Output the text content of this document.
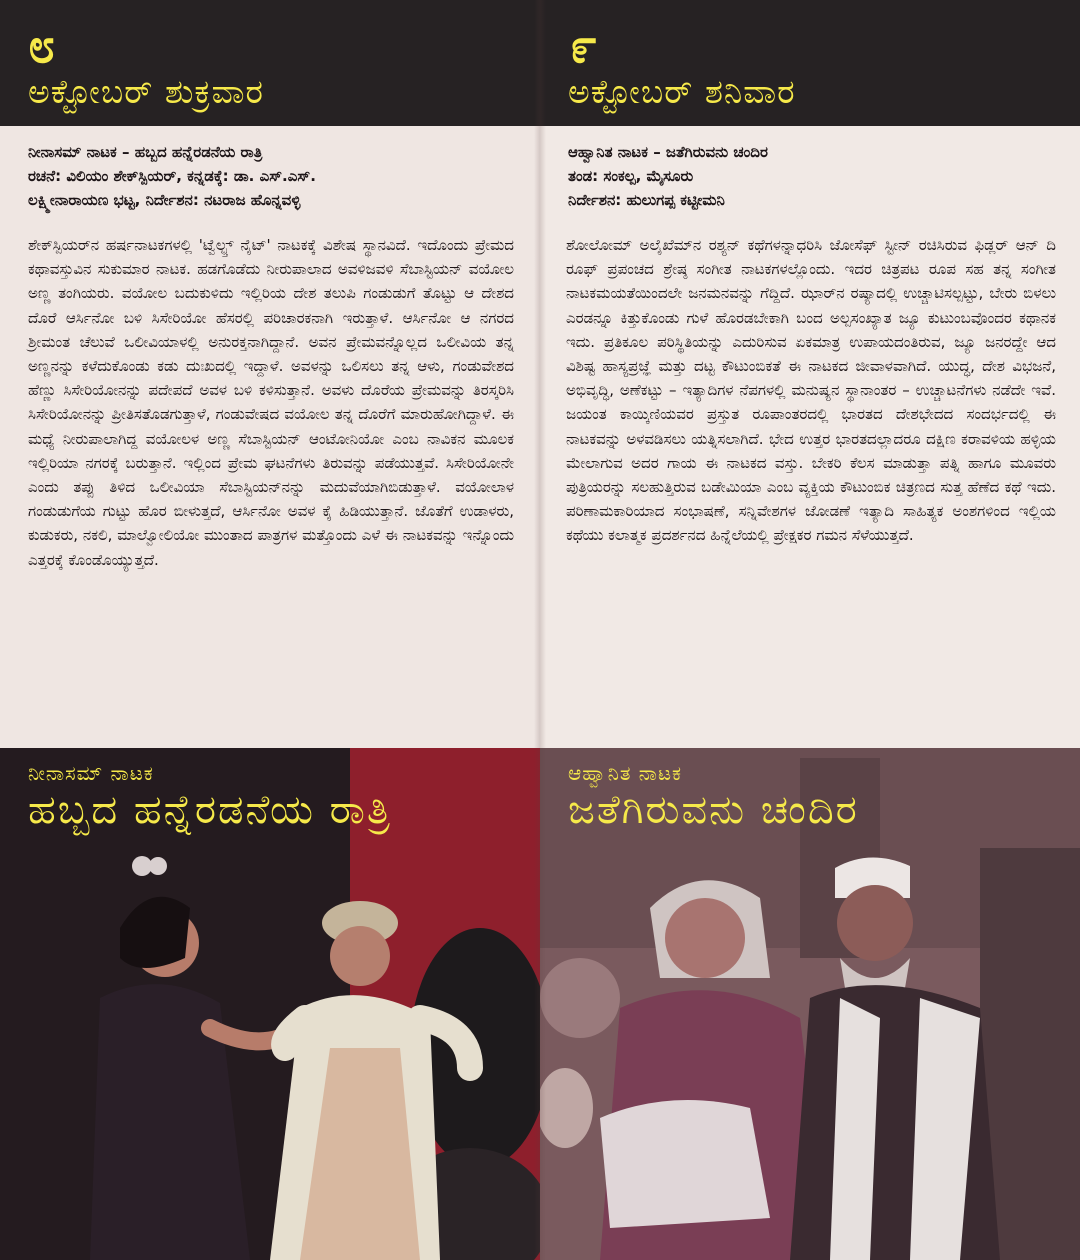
೮
ಅಕ್ಟೋಬರ್ ಶುಕ್ರವಾರ
ನೀನಾಸಮ್ ನಾಟಕ – ಹಬ್ಬದ ಹನ್ನೆರಡನೆಯ ರಾತ್ರಿ
ರಚನೆ: ವಿಲಿಯಂ ಶೇಕ್‌ಸ್ಪಿಯರ್, ಕನ್ನಡಕ್ಕೆ: ಡಾ. ಎಸ್.ಎಸ್.
ಲಕ್ಷ್ಮೀನಾರಾಯಣ ಭಟ್ಟ, ನಿರ್ದೇಶನ: ನಟರಾಜ ಹೊನ್ನವಳ್ಳಿ
ಶೇಕ್‌ಸ್ಪಿಯರ್‌ನ ಹರ್ಷನಾಟಕಗಳಲ್ಲಿ 'ಟ್ವೆಲ್ಫ್ತ್ ನೈಟ್' ನಾಟಕಕ್ಕೆ ವಿಶೇಷ ಸ್ಥಾನವಿದೆ. ಇದೊಂದು ಪ್ರೇಮದ ಕಥಾವಸ್ತುವಿನ ಸುಕುಮಾರ ನಾಟಕ. ಹಡಗೊಡೆದು ನೀರುಪಾಲಾದ ಅವಳಿಜವಳಿ ಸೆಬಾಸ್ಟಿಯನ್ ವಯೋಲ ಅಣ್ಣ ತಂಗಿಯರು. ವಯೋಲ ಬದುಕುಳಿದು ಇಲ್ಲಿರಿಯ ದೇಶ ತಲುಪಿ ಗಂಡುಡುಗೆ ತೊಟ್ಟು ಆ ದೇಶದ ದೊರೆ ಆರ್ಸಿನೋ ಬಳಿ ಸಿಸೇರಿಯೋ ಹೆಸರಲ್ಲಿ ಪರಿಚಾರಕನಾಗಿ ಇರುತ್ತಾಳೆ. ಆರ್ಸಿನೋ ಆ ನಗರದ ಶ್ರೀಮಂತ ಚೆಲುವೆ ಒಲೀವಿಯಾಳಲ್ಲಿ ಅನುರಕ್ತನಾಗಿದ್ದಾನೆ. ಅವನ ಪ್ರೇಮವನ್ನೊಲ್ಲದ ಒಲೀವಿಯ ತನ್ನ ಅಣ್ಣನನ್ನು ಕಳೆದುಕೊಂಡು ಕಡು ದುಃಖದಲ್ಲಿ ಇದ್ದಾಳೆ. ಅವಳನ್ನು ಒಲಿಸಲು ತನ್ನ ಆಳು, ಗಂಡುವೇಶದ ಹೆಣ್ಣು ಸಿಸೇರಿಯೋನನ್ನು ಪದೇಪದೆ ಅವಳ ಬಳಿ ಕಳಿಸುತ್ತಾನೆ. ಅವಳು ದೊರೆಯ ಪ್ರೇಮವನ್ನು ತಿರಸ್ಕರಿಸಿ ಸಿಸೇರಿಯೋನನ್ನು ಪ್ರೀತಿಸತೊಡಗುತ್ತಾಳೆ, ಗಂಡುವೇಷದ ವಯೋಲ ತನ್ನ ದೊರೆಗೆ ಮಾರುಹೋಗಿದ್ದಾಳೆ. ಈ ಮಧ್ಯೆ ನೀರುಪಾಲಾಗಿದ್ದ ವಯೋಲಳ ಅಣ್ಣ ಸೆಬಾಸ್ಟಿಯನ್ ಆಂಟೋನಿಯೋ ಎಂಬ ನಾವಿಕನ ಮೂಲಕ ಇಲ್ಲಿರಿಯಾ ನಗರಕ್ಕೆ ಬರುತ್ತಾನೆ. ಇಲ್ಲಿಂದ ಪ್ರೇಮ ಘಟನೆಗಳು ತಿರುವನ್ನು ಪಡೆಯುತ್ತವೆ. ಸಿಸೇರಿಯೋನೇ ಎಂದು ತಪ್ಪು ತಿಳಿದ ಒಲೀವಿಯಾ ಸೆಬಾಸ್ಟಿಯನ್‌ನನ್ನು ಮದುವೆಯಾಗಿಬಿಡುತ್ತಾಳೆ. ವಯೋಲಾಳ ಗಂಡುಡುಗೆಯ ಗುಟ್ಟು ಹೊರ ಬೀಳುತ್ತದೆ, ಆರ್ಸಿನೋ ಅವಳ ಕೈ ಹಿಡಿಯುತ್ತಾನೆ. ಜೊತೆಗೆ ಉಡಾಳರು, ಕುಡುಕರು, ನಕಲಿ, ಮಾಲ್ವೋಲಿಯೋ ಮುಂತಾದ ಪಾತ್ರಗಳ ಮತ್ತೊಂದು ಎಳೆ ಈ ನಾಟಕವನ್ನು ಇನ್ನೊಂದು ಎತ್ತರಕ್ಕೆ ಕೊಂಡೊಯ್ಯುತ್ತದೆ.
ನೀನಾಸಮ್ ನಾಟಕ
ಹಬ್ಬದ ಹನ್ನೆರಡನೆಯ ರಾತ್ರಿ
೯
ಅಕ್ಟೋಬರ್ ಶನಿವಾರ
ಆಹ್ವಾನಿತ ನಾಟಕ – ಜತೆಗಿರುವನು ಚಂದಿರ
ತಂಡ: ಸಂಕಲ್ಪ, ಮೈಸೂರು
ನಿರ್ದೇಶನ: ಹುಲುಗಪ್ಪ ಕಟ್ಟೀಮನಿ
ಶೋಲೋಮ್ ಅಲೈಖೆಮ್‌ನ ರಶ್ಯನ್ ಕಥೆಗಳನ್ನಾಧರಿಸಿ ಜೋಸೆಫ್ ಸ್ಟೀನ್ ರಚಿಸಿರುವ ಫಿಡ್ಲರ್ ಆನ್ ದಿ ರೂಫ್ ಪ್ರಪಂಚದ ಶ್ರೇಷ್ಠ ಸಂಗೀತ ನಾಟಕಗಳಲ್ಲೊಂದು. ಇದರ ಚಿತ್ರಪಟ ರೂಪ ಸಹ ತನ್ನ ಸಂಗೀತ ನಾಟಕಮಯತೆಯಿಂದಲೇ ಜನಮನವನ್ನು ಗೆದ್ದಿದೆ. ಝಾರ್‌ನ ರಷ್ಯಾದಲ್ಲಿ ಉಚ್ಚಾಟಿಸಲ್ಪಟ್ಟು, ಬೇರು ಬಿಳಲು ಎರಡನ್ನೂ ಕಿತ್ತುಕೊಂಡು ಗುಳೆ ಹೊರಡಬೇಕಾಗಿ ಬಂದ ಅಲ್ಪಸಂಖ್ಯಾತ ಜ್ಯೂ ಕುಟುಂಬವೊಂದರ ಕಥಾನಕ ಇದು. ಪ್ರತಿಕೂಲ ಪರಿಸ್ಥಿತಿಯನ್ನು ಎದುರಿಸುವ ಏಕಮಾತ್ರ ಉಪಾಯದಂತಿರುವ, ಜ್ಯೂ ಜನರದ್ದೇ ಆದ ವಿಶಿಷ್ಟ ಹಾಸ್ಯಪ್ರಜ್ಞೆ ಮತ್ತು ದಟ್ಟ ಕೌಟುಂಬಿಕತೆ ಈ ನಾಟಕದ ಜೀವಾಳವಾಗಿದೆ. ಯುದ್ಧ, ದೇಶ ವಿಭಜನೆ, ಅಭಿವೃದ್ಧಿ, ಅಣೆಕಟ್ಟು – ಇತ್ಯಾದಿಗಳ ನೆಪಗಳಲ್ಲಿ ಮನುಷ್ಯನ ಸ್ಥಾನಾಂತರ – ಉಚ್ಚಾಟನೆಗಳು ನಡೆದೇ ಇವೆ. ಜಯಂತ ಕಾಯ್ಕಿಣಿಯವರ ಪ್ರಸ್ತುತ ರೂಪಾಂತರದಲ್ಲಿ ಭಾರತದ ದೇಶಭೇದದ ಸಂದರ್ಭದಲ್ಲಿ ಈ ನಾಟಕವನ್ನು ಅಳವಡಿಸಲು ಯತ್ನಿಸಲಾಗಿದೆ. ಭೇದ ಉತ್ತರ ಭಾರತದಲ್ಲಾದರೂ ದಕ್ಷಿಣ ಕರಾವಳಿಯ ಹಳ್ಳಿಯ ಮೇಲಾಗುವ ಅದರ ಗಾಯ ಈ ನಾಟಕದ ವಸ್ತು. ಬೇಕರಿ ಕೆಲಸ ಮಾಡುತ್ತಾ ಪತ್ನಿ ಹಾಗೂ ಮೂವರು ಪುತ್ರಿಯರನ್ನು ಸಲಹುತ್ತಿರುವ ಬಡೇಮಿಯಾ ಎಂಬ ವ್ಯಕ್ತಿಯ ಕೌಟುಂಬಿಕ ಚಿತ್ರಣದ ಸುತ್ತ ಹೆಣೆದ ಕಥೆ ಇದು. ಪರಿಣಾಮಕಾರಿಯಾದ ಸಂಭಾಷಣೆ, ಸನ್ನಿವೇಶಗಳ ಜೋಡಣೆ ಇತ್ಯಾದಿ ಸಾಹಿತ್ಯಕ ಅಂಶಗಳಿಂದ ಇಲ್ಲಿಯ ಕಥೆಯು ಕಲಾತ್ಮಕ ಪ್ರದರ್ಶನದ ಹಿನ್ನೆಲೆಯಲ್ಲಿ ಪ್ರೇಕ್ಷಕರ ಗಮನ ಸೆಳೆಯುತ್ತದೆ.
ಆಹ್ವಾನಿತ ನಾಟಕ
ಜತೆಗಿರುವನು ಚಂದಿರ
